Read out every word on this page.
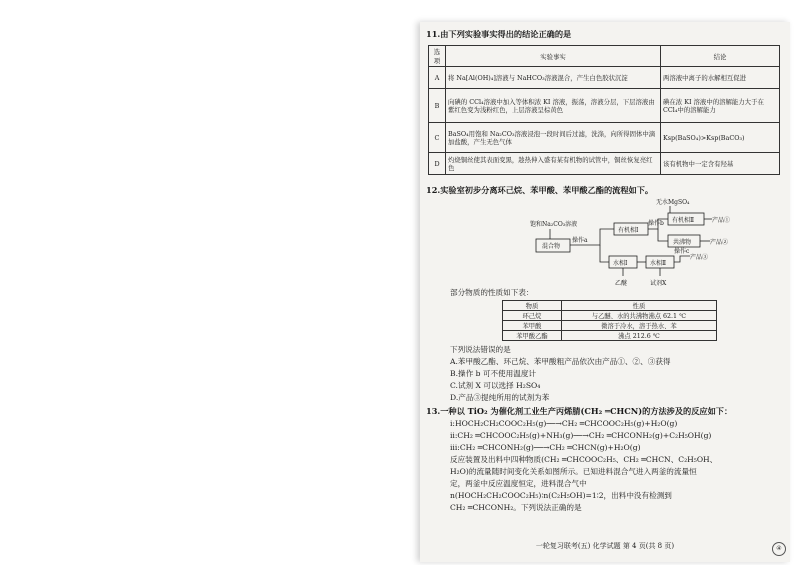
11.由下列实验事实得出的结论正确的是
选项	实验事实	结论
A	将 Na[Al(OH)₄]溶液与 NaHCO₃溶液混合，产生白色胶状沉淀	两溶液中离子的水解相互促进
B	向碘的 CCl₄溶液中加入等体积浓 KI 溶液，振荡，溶液分层，下层溶液由紫红色变为浅粉红色，上层溶液呈棕黄色	碘在浓 KI 溶液中的溶解能力大于在 CCl₄中的溶解能力
C	BaSO₄用饱和 Na₂CO₃溶液浸泡一段时间后过滤，洗涤，向所得固体中滴加盐酸，产生无色气体	Ksp(BaSO₄)>Ksp(BaCO₃)
D	灼烧铜丝使其表面变黑，趁热伸入盛有某有机物的试管中，铜丝恢复亮红色	该有机物中一定含有羟基
12.实验室初步分离环己烷、苯甲酸、苯甲酸乙酯的流程如下。
无水MgSO₄
饱和Na₂CO₃溶液
混合物
操作a
有机相Ⅰ
操作b 有机相Ⅱ	产品①
共沸物	产品②
水相Ⅰ	水相Ⅱ
操作c
产品③
乙醚	试剂X
部分物质的性质如下表：
物质	性质
环己烷	与乙醚、水的共沸物沸点 62.1 ℃
苯甲酸	微溶于冷水，溶于热水、苯
苯甲酸乙酯	沸点 212.6 ℃
下列说法错误的是
A.苯甲酸乙酯、环己烷、苯甲酸粗产品依次由产品①、②、③获得
B.操作 b 可不使用温度计
C.试剂 X 可以选择 H₂SO₄
D.产品③提纯所用的试剂为苯
13.一种以 TiO₂ 为催化剂工业生产丙烯腈(CH₂ ═CHCN)的方法涉及的反应如下：
ⅰ:HOCH₂CH₂COOC₂H₅(g)──→CH₂ ═CHCOOC₂H₅(g)+H₂O(g)
ⅱ:CH₂ ═CHCOOC₂H₅(g)+NH₃(g)──→CH₂ ═CHCONH₂(g)+C₂H₅OH(g)
ⅲ:CH₂ ═CHCONH₂(g)──→CH₂ ═CHCN(g)+H₂O(g)
反应装置及出料中四种物质(CH₂ ═CHCOOC₂H₅、CH₂ ═CHCN、C₂H₅OH、
H₂O)的流量随时间变化关系如图所示。已知进料混合气进入两釜的流量恒
定，两釜中反应温度恒定，进料混合气中
n(HOCH₂CH₂COOC₂H₅)∶n(C₂H₅OH)=1∶2，出料中没有检测到
CH₂ ═CHCONH₂。下列说法正确的是
一轮复习联考(五) 化学试题 第 4 页(共 8 页)	④
